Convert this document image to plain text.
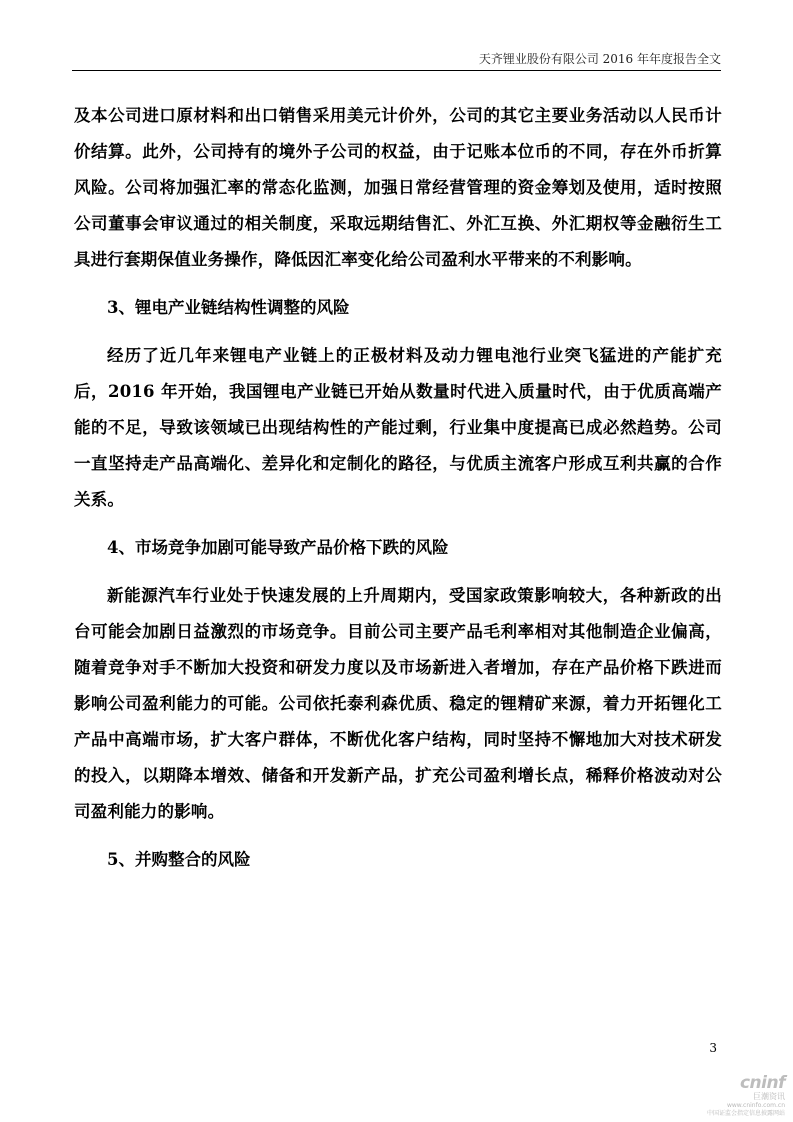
天齐锂业股份有限公司 2016 年年度报告全文

及本公司进口原材料和出口销售采用美元计价外，公司的其它主要业务活动以人民币计价结算。此外，公司持有的境外子公司的权益，由于记账本位币的不同，存在外币折算风险。公司将加强汇率的常态化监测，加强日常经营管理的资金筹划及使用，适时按照公司董事会审议通过的相关制度，采取远期结售汇、外汇互换、外汇期权等金融衍生工具进行套期保值业务操作，降低因汇率变化给公司盈利水平带来的不利影响。

3、锂电产业链结构性调整的风险

经历了近几年来锂电产业链上的正极材料及动力锂电池行业突飞猛进的产能扩充后，2016 年开始，我国锂电产业链已开始从数量时代进入质量时代，由于优质高端产能的不足，导致该领域已出现结构性的产能过剩，行业集中度提高已成必然趋势。公司一直坚持走产品高端化、差异化和定制化的路径，与优质主流客户形成互利共赢的合作关系。

4、市场竞争加剧可能导致产品价格下跌的风险

新能源汽车行业处于快速发展的上升周期内，受国家政策影响较大，各种新政的出台可能会加剧日益激烈的市场竞争。目前公司主要产品毛利率相对其他制造企业偏高，随着竞争对手不断加大投资和研发力度以及市场新进入者增加，存在产品价格下跌进而影响公司盈利能力的可能。公司依托泰利森优质、稳定的锂精矿来源，着力开拓锂化工产品中高端市场，扩大客户群体，不断优化客户结构，同时坚持不懈地加大对技术研发的投入，以期降本增效、储备和开发新产品，扩充公司盈利增长点，稀释价格波动对公司盈利能力的影响。

5、并购整合的风险

3
cninf
巨潮资讯
www.cninfo.com.cn
中国证监会指定信息披露网站
